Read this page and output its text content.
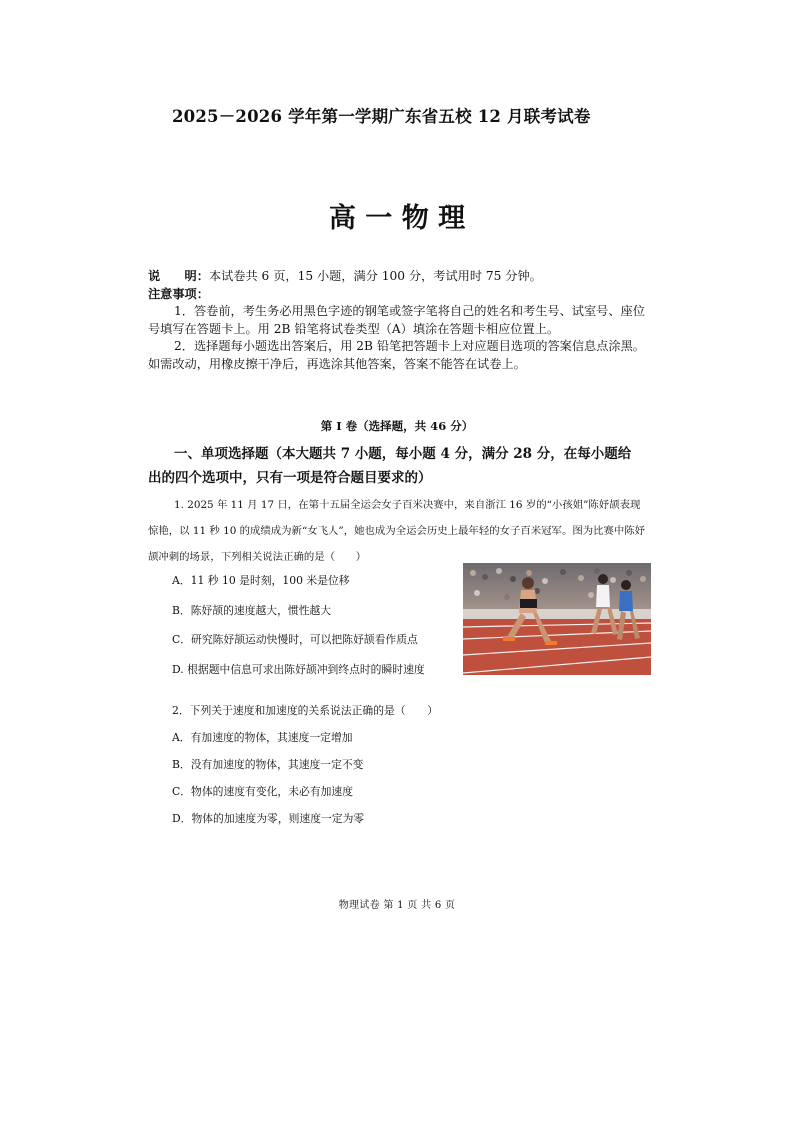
2025－2026 学年第一学期广东省五校 12 月联考试卷
高 一 物 理

说　　明：本试卷共 6 页，15 小题，满分 100 分，考试用时 75 分钟。

注意事项：

1．答卷前，考生务必用黑色字迹的钢笔或签字笔将自己的姓名和考生号、试室号、座位号填写在答题卡上。用 2B 铅笔将试卷类型（A）填涂在答题卡相应位置上。

2．选择题每小题选出答案后，用 2B 铅笔把答题卡上对应题目选项的答案信息点涂黑。如需改动，用橡皮擦干净后，再选涂其他答案，答案不能答在试卷上。

第 I 卷（选择题，共 46 分）

一、单项选择题（本大题共 7 小题，每小题 4 分，满分 28 分，在每小题给出的四个选项中，只有一项是符合题目要求的）

1. 2025 年 11 月 17 日，在第十五届全运会女子百米决赛中，来自浙江 16 岁的“小孩姐”陈妤颉表现惊艳，以 11 秒 10 的成绩成为新“女飞人”，她也成为全运会历史上最年轻的女子百米冠军。图为比赛中陈妤颉冲刺的场景，下列相关说法正确的是（　　）

A．11 秒 10 是时刻，100 米是位移
B．陈妤颉的速度越大，惯性越大
C．研究陈妤颉运动快慢时，可以把陈妤颉看作质点
D. 根据题中信息可求出陈妤颉冲到终点时的瞬时速度
2．下列关于速度和加速度的关系说法正确的是（　　）
A．有加速度的物体，其速度一定增加
B．没有加速度的物体，其速度一定不变
C．物体的速度有变化，未必有加速度
D．物体的加速度为零，则速度一定为零
物理试卷 第 1 页 共 6 页
